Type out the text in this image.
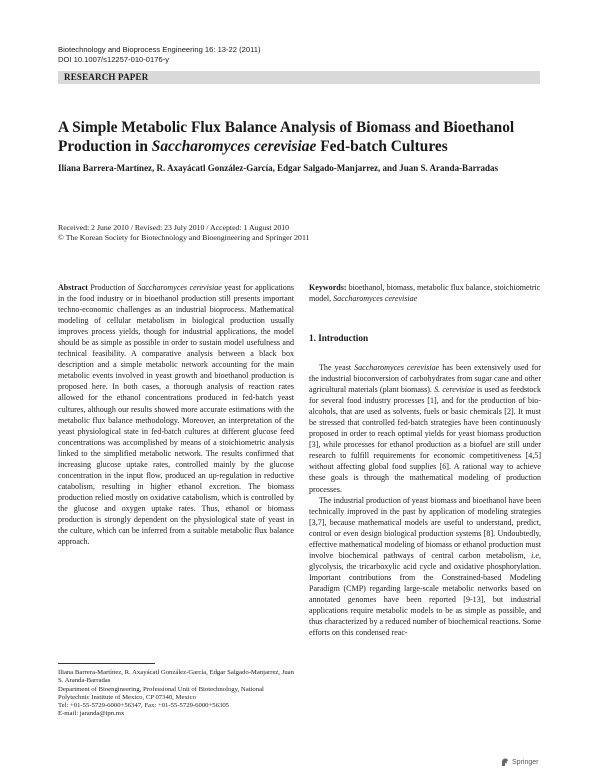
Biotechnology and Bioprocess Engineering 16: 13-22 (2011)
DOI 10.1007/s12257-010-0176-y
RESEARCH PAPER
A Simple Metabolic Flux Balance Analysis of Biomass and Bioethanol Production in Saccharomyces cerevisiae Fed-batch Cultures
Iliana Barrera-Martínez, R. Axayácatl González-García, Edgar Salgado-Manjarrez, and Juan S. Aranda-Barradas
Received: 2 June 2010 / Revised: 23 July 2010 / Accepted: 1 August 2010
© The Korean Society for Biotechnology and Bioengineering and Springer 2011

Abstract Production of Saccharomyces cerevisiae yeast for applications in the food industry or in bioethanol production still presents important techno-economic challenges as an industrial bioprocess. Mathematical modeling of cellular metabolism in biological production usually improves process yields, though for industrial applications, the model should be as simple as possible in order to sustain model usefulness and technical feasibility. A comparative analysis between a black box description and a simple metabolic network accounting for the main metabolic events involved in yeast growth and bioethanol production is proposed here. In both cases, a thorough analysis of reaction rates allowed for the ethanol concentrations produced in fed-batch yeast cultures, although our results showed more accurate estimations with the metabolic flux balance methodology. Moreover, an interpretation of the yeast physiological state in fed-batch cultures at different glucose feed concentrations was accomplished by means of a stoichiometric analysis linked to the simplified metabolic network. The results confirmed that increasing glucose uptake rates, controlled mainly by the glucose concentration in the input flow, produced an up-regulation in reductive catabolism, resulting in higher ethanol excretion. The biomass production relied mostly on oxidative catabolism, which is controlled by the glucose and oxygen uptake rates. Thus, ethanol or biomass production is strongly dependent on the physiological state of yeast in the culture, which can be inferred from a suitable metabolic flux balance approach.

Keywords: bioethanol, biomass, metabolic flux balance, stoichiometric model, Saccharomyces cerevisiae

1. Introduction

The yeast Saccharomyces cerevisiae has been extensively used for the industrial bioconversion of carbohydrates from sugar cane and other agricultural materials (plant biomass). S. cerevisiae is used as feedstock for several food industry processes [1], and for the production of bio-alcohols, that are used as solvents, fuels or basic chemicals [2]. It must be stressed that controlled fed-batch strategies have been continuously proposed in order to reach optimal yields for yeast biomass production [3], while processes for ethanol production as a biofuel are still under research to fulfill requirements for economic competitiveness [4,5] without affecting global food supplies [6]. A rational way to achieve these goals is through the mathematical modeling of production processes.

The industrial production of yeast biomass and bioethanol have been technically improved in the past by application of modeling strategies [3,7], because mathematical models are useful to understand, predict, control or even design biological production systems [8]. Undoubtedly, effective mathematical modeling of biomass or ethanol production must involve biochemical pathways of central carbon metabolism, i.e, glycolysis, the tricarboxylic acid cycle and oxidative phosphorylation. Important contributions from the Constrained-based Modeling Paradigm (CMP) regarding large-scale metabolic networks based on annotated genomes have been reported [9-13], but industrial applications require metabolic models to be as simple as possible, and thus characterized by a reduced number of biochemical reactions. Some efforts on this condensed reac-

Iliana Barrera-Martínez, R. Axayácatl González-García, Edgar Salgado-Manjarrez, Juan S. Aranda-Barradas
Department of Bioengineering, Professional Unit of Biotechnology, National Polytechnic Institute of Mexico, CP 07340, Mexico
Tel: +01-55-5729-6000+56347, Fax: +01-55-5729-6000+56305
E-mail: jaranda@ipn.mx
Springer
